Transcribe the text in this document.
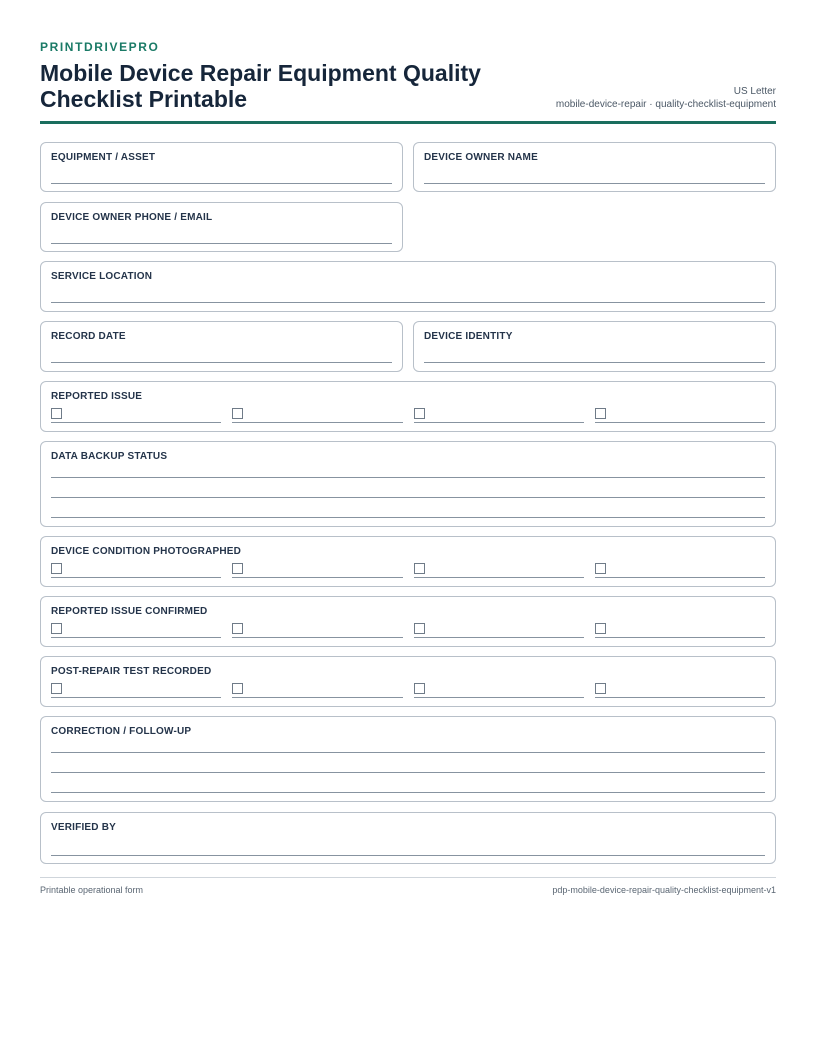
PRINTDRIVEPRO
Mobile Device Repair Equipment Quality Checklist Printable	US Letter
mobile-device-repair · quality-checklist-equipment
EQUIPMENT / ASSET	DEVICE OWNER NAME
DEVICE OWNER PHONE / EMAIL
SERVICE LOCATION
RECORD DATE	DEVICE IDENTITY
REPORTED ISSUE
DATA BACKUP STATUS
DEVICE CONDITION PHOTOGRAPHED
REPORTED ISSUE CONFIRMED
POST-REPAIR TEST RECORDED
CORRECTION / FOLLOW-UP
VERIFIED BY
Printable operational form	pdp-mobile-device-repair-quality-checklist-equipment-v1
